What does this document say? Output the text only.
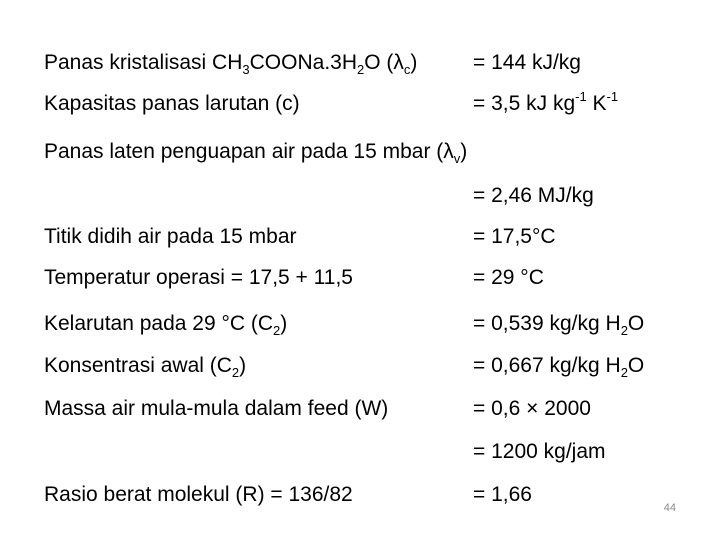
Panas kristalisasi $CH_3COONa.3H_2O$ $(\lambda_c)$	= 144 kJ/kg
Kapasitas panas larutan (c)	= 3,5 kJ $kg^{-1}$ $K^{-1}$
Panas laten penguapan air pada 15 mbar $(\lambda_v)$
= 2,46 MJ/kg
Titik didih air pada 15 mbar	= 17,5°C
Temperatur operasi = 17,5 + 11,5	= 29 °C
Kelarutan pada 29 °C $(C_2)$	= 0,539 kg/kg $H_2O$
Konsentrasi awal $(C_2)$	= 0,667 kg/kg $H_2O$
Massa air mula-mula dalam feed (W)	= 0,6 × 2000
= 1200 kg/jam
Rasio berat molekul (R) = 136/82	= 1,66
44
